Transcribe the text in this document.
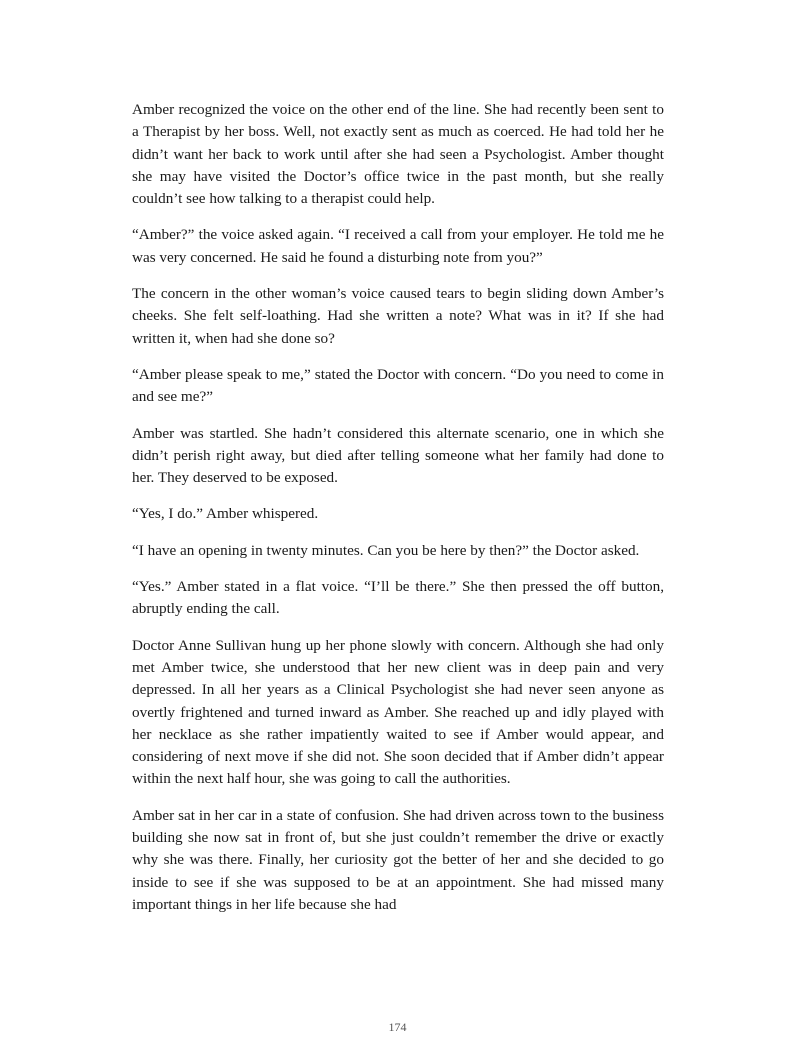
Amber recognized the voice on the other end of the line. She had recently been sent to a Therapist by her boss. Well, not exactly sent as much as coerced. He had told her he didn’t want her back to work until after she had seen a Psychologist. Amber thought she may have visited the Doctor’s office twice in the past month, but she really couldn’t see how talking to a therapist could help.

“Amber?” the voice asked again. “I received a call from your employer. He told me he was very concerned. He said he found a disturbing note from you?”

The concern in the other woman’s voice caused tears to begin sliding down Amber’s cheeks. She felt self-loathing. Had she written a note? What was in it? If she had written it, when had she done so?

“Amber please speak to me,” stated the Doctor with concern. “Do you need to come in and see me?”

Amber was startled. She hadn’t considered this alternate scenario, one in which she didn’t perish right away, but died after telling someone what her family had done to her. They deserved to be exposed.

“Yes, I do.” Amber whispered.

“I have an opening in twenty minutes. Can you be here by then?” the Doctor asked.

“Yes.” Amber stated in a flat voice. “I’ll be there.” She then pressed the off button, abruptly ending the call.

Doctor Anne Sullivan hung up her phone slowly with concern. Although she had only met Amber twice, she understood that her new client was in deep pain and very depressed. In all her years as a Clinical Psychologist she had never seen anyone as overtly frightened and turned inward as Amber. She reached up and idly played with her necklace as she rather impatiently waited to see if Amber would appear, and considering of next move if she did not. She soon decided that if Amber didn’t appear within the next half hour, she was going to call the authorities.

Amber sat in her car in a state of confusion. She had driven across town to the business building she now sat in front of, but she just couldn’t remember the drive or exactly why she was there. Finally, her curiosity got the better of her and she decided to go inside to see if she was supposed to be at an appointment. She had missed many important things in her life because she had

174
